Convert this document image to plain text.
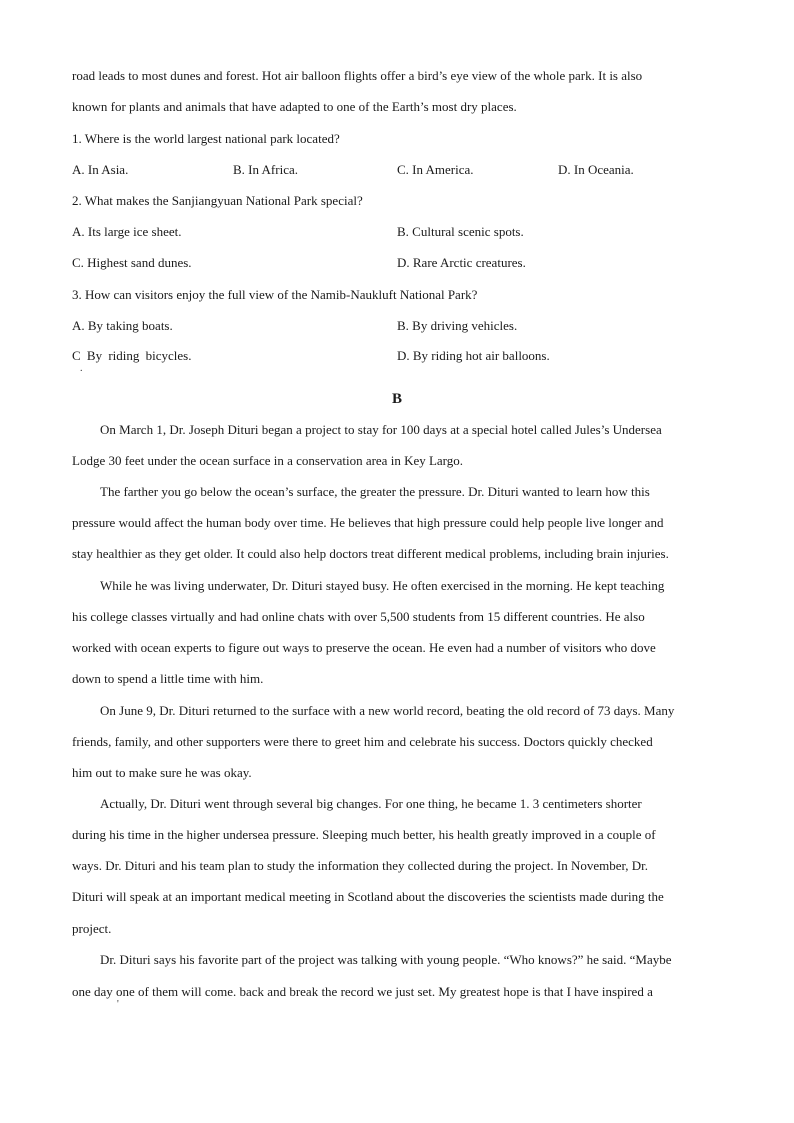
road leads to most dunes and forest. Hot air balloon flights offer a bird’s eye view of the whole park. It is also

known for plants and animals that have adapted to one of the Earth’s most dry places.

1. Where is the world largest national park located?

A. In Asia.	B. In Africa.	C. In America.	D. In Oceania.

2. What makes the Sanjiangyuan National Park special?

A. Its large ice sheet.	B. Cultural scenic spots.

C. Highest sand dunes.	D. Rare Arctic creatures.

3. How can visitors enjoy the full view of the Namib-Naukluft National Park?

A. By taking boats.	B. By driving vehicles.

C By riding bicycles.	D. By riding hot air balloons.

.

B

On March 1, Dr. Joseph Dituri began a project to stay for 100 days at a special hotel called Jules’s Undersea

Lodge 30 feet under the ocean surface in a conservation area in Key Largo.

The farther you go below the ocean’s surface, the greater the pressure. Dr. Dituri wanted to learn how this

pressure would affect the human body over time. He believes that high pressure could help people live longer and

stay healthier as they get older. It could also help doctors treat different medical problems, including brain injuries.

While he was living underwater, Dr. Dituri stayed busy. He often exercised in the morning. He kept teaching

his college classes virtually and had online chats with over 5,500 students from 15 different countries. He also

worked with ocean experts to figure out ways to preserve the ocean. He even had a number of visitors who dove

down to spend a little time with him.

On June 9, Dr. Dituri returned to the surface with a new world record, beating the old record of 73 days. Many

friends, family, and other supporters were there to greet him and celebrate his success. Doctors quickly checked

him out to make sure he was okay.

Actually, Dr. Dituri went through several big changes. For one thing, he became 1. 3 centimeters shorter

during his time in the higher undersea pressure. Sleeping much better, his health greatly improved in a couple of

ways. Dr. Dituri and his team plan to study the information they collected during the project. In November, Dr.

Dituri will speak at an important medical meeting in Scotland about the discoveries the scientists made during the

project.

Dr. Dituri says his favorite part of the project was talking with young people. “Who knows?” he said. “Maybe

one day one of them will come. back and break the record we just set. My greatest hope is that I have inspired a

'
